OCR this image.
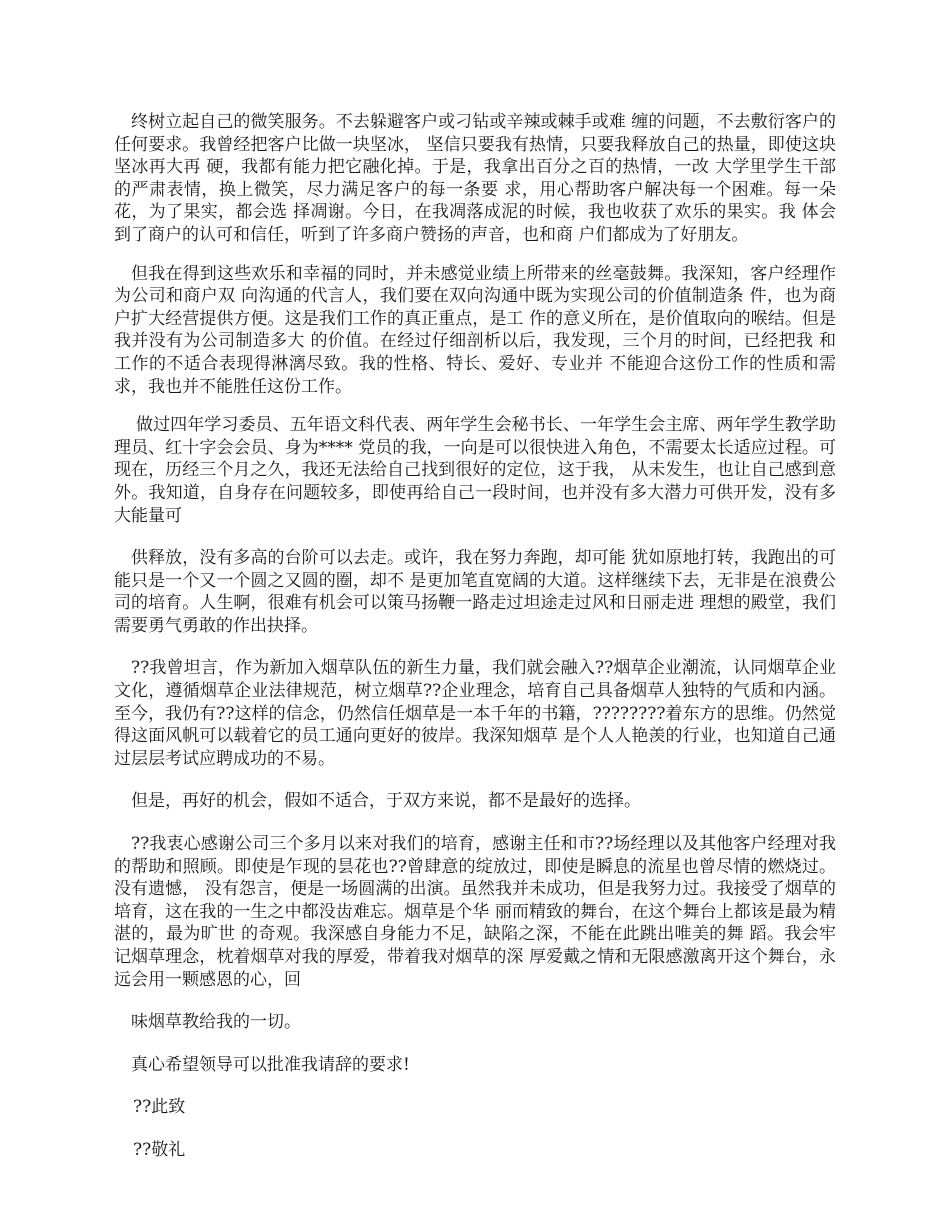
终树立起自己的微笑服务。不去躲避客户或刁钻或辛辣或棘手或难 缠的问题，不去敷衍客户的任何要求。我曾经把客户比做一块坚冰， 坚信只要我有热情，只要我释放自己的热量，即使这块坚冰再大再 硬，我都有能力把它融化掉。于是，我拿出百分之百的热情，一改 大学里学生干部的严肃表情，换上微笑，尽力满足客户的每一条要 求，用心帮助客户解决每一个困难。每一朵花，为了果实，都会选 择凋谢。今日，在我凋落成泥的时候，我也收获了欢乐的果实。我 体会到了商户的认可和信任，听到了许多商户赞扬的声音，也和商 户们都成为了好朋友。

但我在得到这些欢乐和幸福的同时，并未感觉业绩上所带来的丝毫鼓舞。我深知，客户经理作为公司和商户双 向沟通的代言人，我们要在双向沟通中既为实现公司的价值制造条 件，也为商户扩大经营提供方便。这是我们工作的真正重点，是工 作的意义所在，是价值取向的喉结。但是我并没有为公司制造多大 的价值。在经过仔细剖析以后，我发现，三个月的时间，已经把我 和工作的不适合表现得淋漓尽致。我的性格、特长、爱好、专业并 不能迎合这份工作的性质和需求，我也并不能胜任这份工作。

做过四年学习委员、五年语文科代表、两年学生会秘书长、一年学生会主席、两年学生教学助理员、红十字会会员、身为**** 党员的我，一向是可以很快进入角色，不需要太长适应过程。可现在，历经三个月之久，我还无法给自己找到很好的定位，这于我， 从未发生，也让自己感到意外。我知道，自身存在问题较多，即使再给自己一段时间，也并没有多大潜力可供开发，没有多大能量可

供释放，没有多高的台阶可以去走。或许，我在努力奔跑，却可能 犹如原地打转，我跑出的可能只是一个又一个圆之又圆的圈，却不 是更加笔直宽阔的大道。这样继续下去，无非是在浪费公司的培育。人生啊，很难有机会可以策马扬鞭一路走过坦途走过风和日丽走进 理想的殿堂，我们需要勇气勇敢的作出抉择。

??我曾坦言，作为新加入烟草队伍的新生力量，我们就会融入??烟草企业潮流，认同烟草企业文化，遵循烟草企业法律规范，树立烟草??企业理念，培育自己具备烟草人独特的气质和内涵。至今，我仍有??这样的信念，仍然信任烟草是一本千年的书籍，????????着东方的思维。仍然觉得这面风帆可以载着它的员工通向更好的彼岸。我深知烟草 是个人人艳羡的行业，也知道自己通过层层考试应聘成功的不易。

但是，再好的机会，假如不适合，于双方来说，都不是最好的选择。

??我衷心感谢公司三个多月以来对我们的培育，感谢主任和市??场经理以及其他客户经理对我的帮助和照顾。即使是乍现的昙花也??曾肆意的绽放过，即使是瞬息的流星也曾尽情的燃烧过。没有遗憾， 没有怨言，便是一场圆满的出演。虽然我并未成功，但是我努力过。我接受了烟草的培育，这在我的一生之中都没齿难忘。烟草是个华 丽而精致的舞台，在这个舞台上都该是最为精湛的，最为旷世 的奇观。我深感自身能力不足，缺陷之深，不能在此跳出唯美的舞 蹈。我会牢记烟草理念，枕着烟草对我的厚爱，带着我对烟草的深 厚爱戴之情和无限感激离开这个舞台，永远会用一颗感恩的心，回

味烟草教给我的一切。

真心希望领导可以批准我请辞的要求!

??此致

??敬礼
